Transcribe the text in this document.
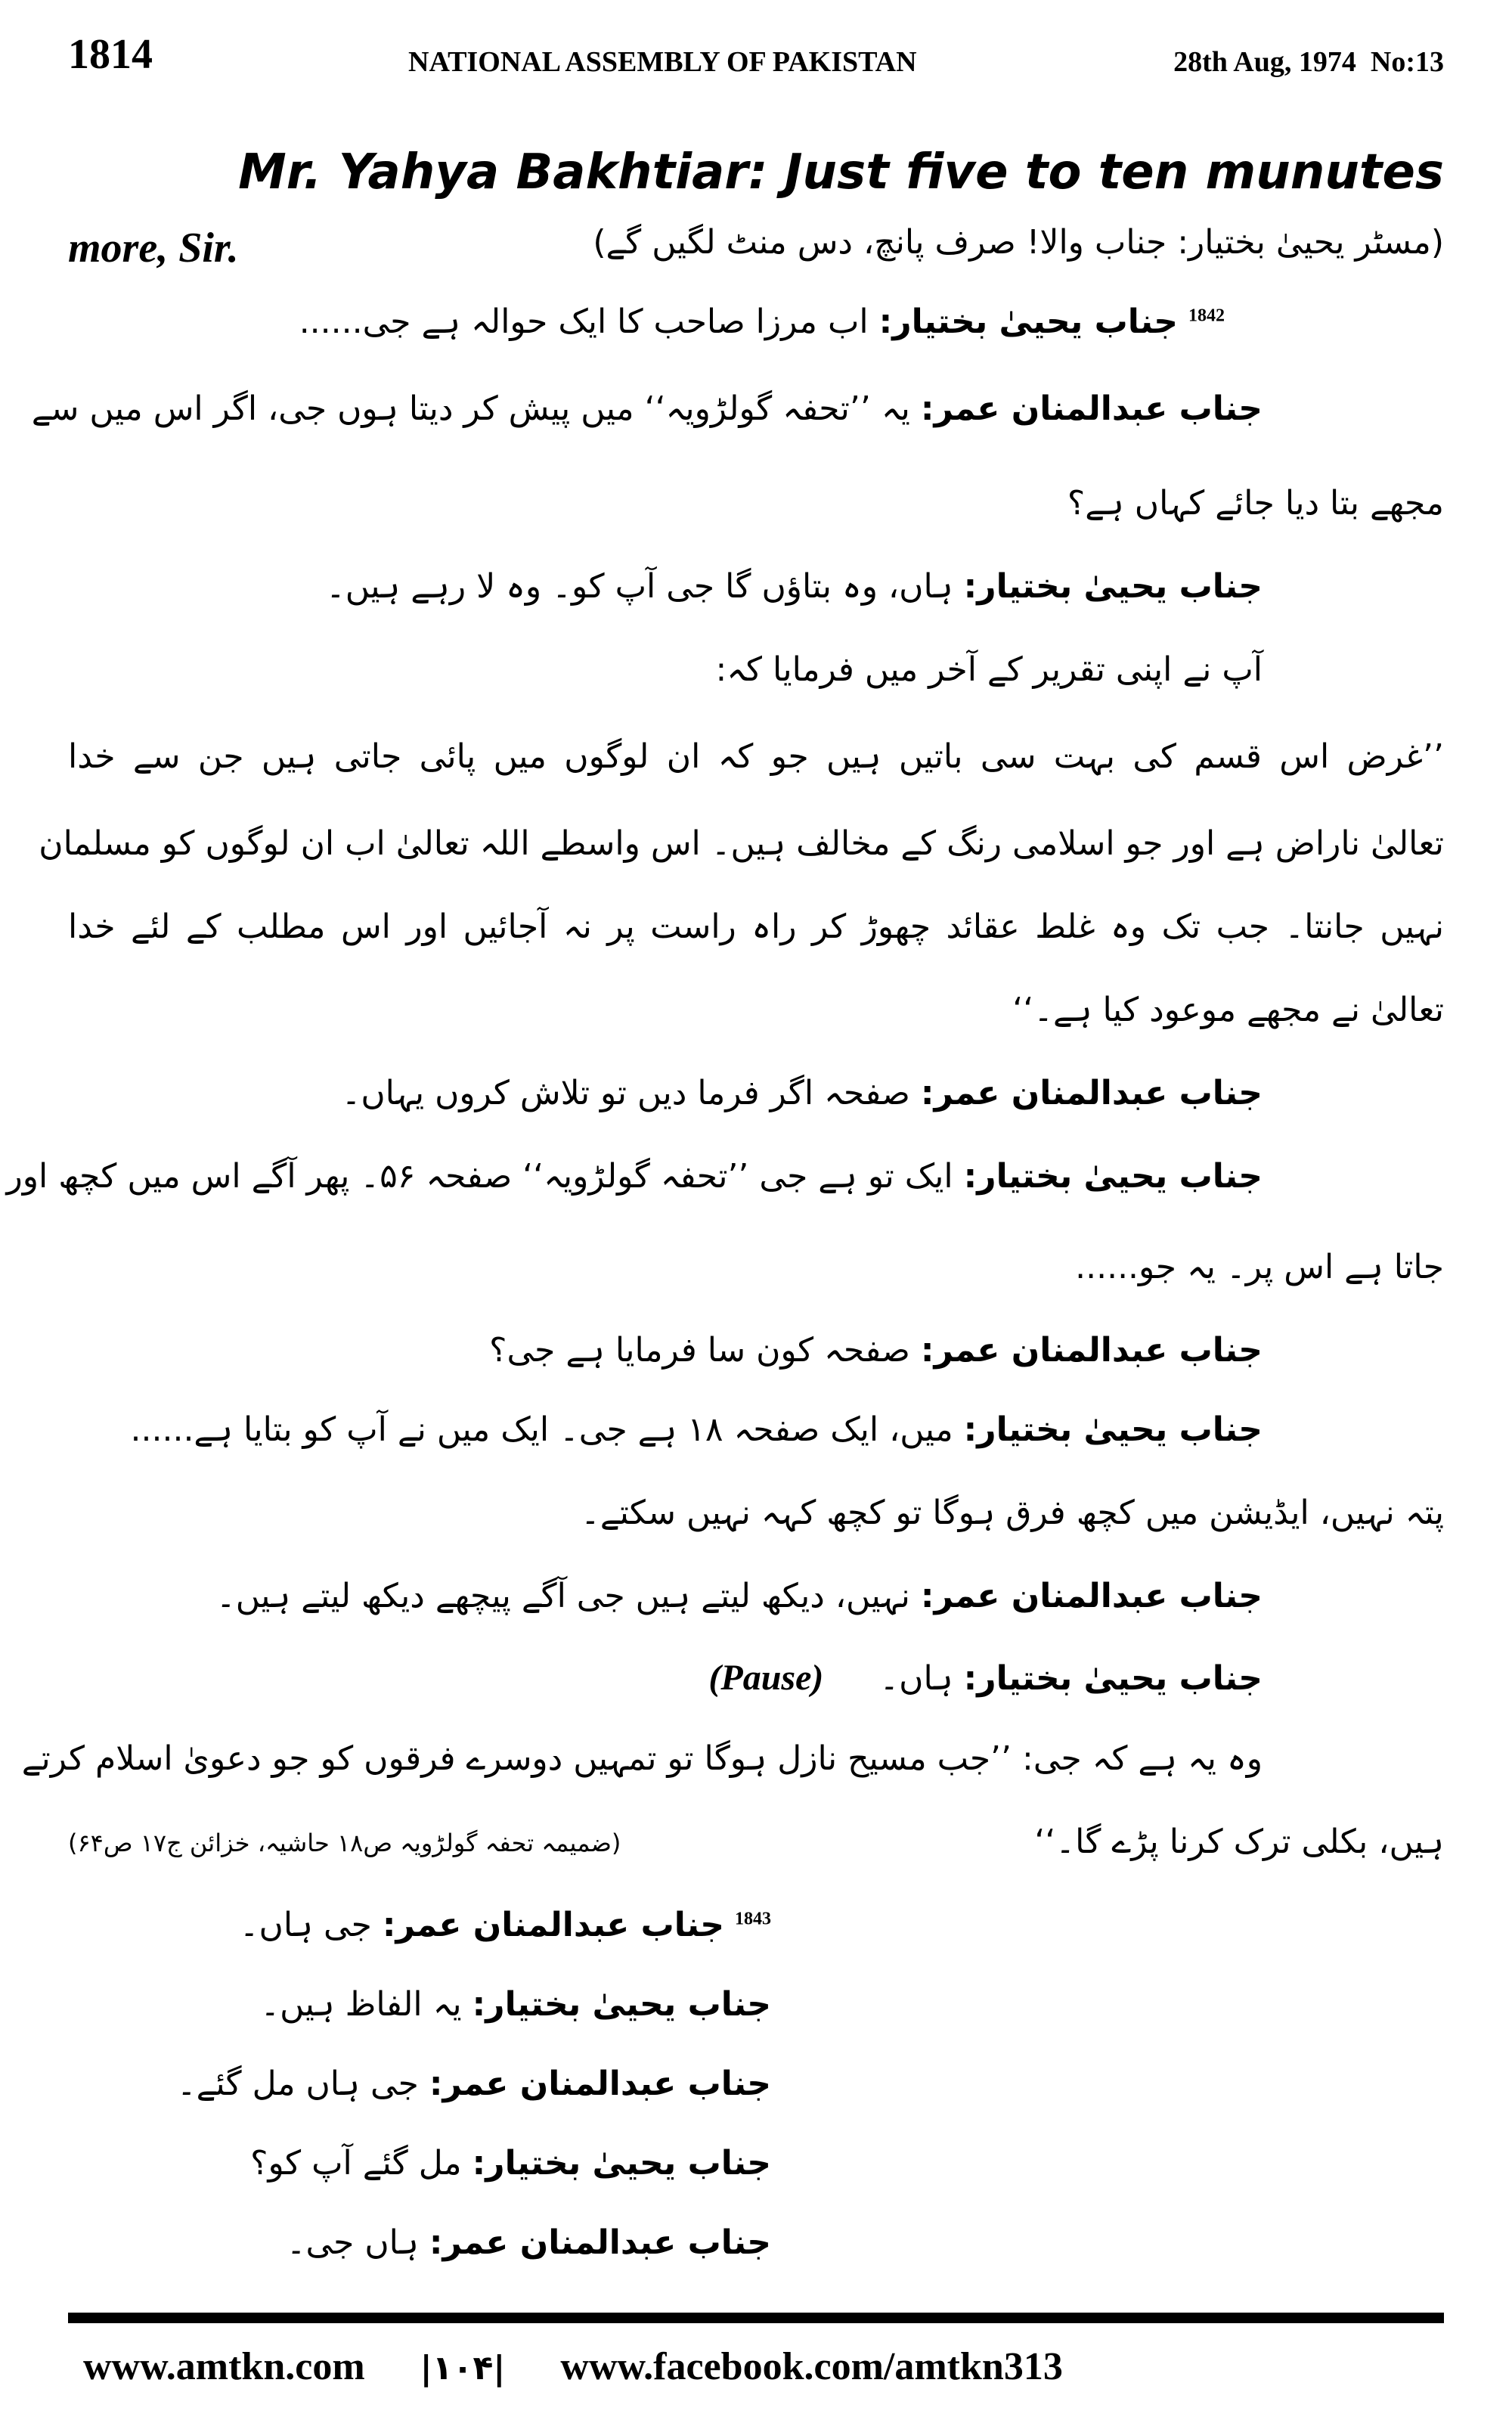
1814	NATIONAL ASSEMBLY OF PAKISTAN	28th Aug, 1974 No:13
Mr. Yahya Bakhtiar: Just five to ten munutes
(مسٹر یحییٰ بختیار: جناب والا! صرف پانچ، دس منٹ لگیں گے)
more, Sir.
$^{1842}$ جناب یحییٰ بختیار: اب مرزا صاحب کا ایک حوالہ ہے جی......
جناب عبدالمنان عمر: یہ ’’تحفہ گولڑویہ‘‘ میں پیش کر دیتا ہوں جی، اگر اس میں سے
مجھے بتا دیا جائے کہاں ہے؟
جناب یحییٰ بختیار: ہاں، وہ بتاؤں گا جی آپ کو۔ وہ لا رہے ہیں۔
آپ نے اپنی تقریر کے آخر میں فرمایا کہ:
’’غرض اس قسم کی بہت سی باتیں ہیں جو کہ ان لوگوں میں پائی جاتی ہیں جن سے خدا
تعالیٰ ناراض ہے اور جو اسلامی رنگ کے مخالف ہیں۔ اس واسطے اللہ تعالیٰ اب ان لوگوں کو مسلمان
نہیں جانتا۔ جب تک وہ غلط عقائد چھوڑ کر راہ راست پر نہ آجائیں اور اس مطلب کے لئے خدا
تعالیٰ نے مجھے موعود کیا ہے۔‘‘
جناب عبدالمنان عمر: صفحہ اگر فرما دیں تو تلاش کروں یہاں۔
جناب یحییٰ بختیار: ایک تو ہے جی ’’تحفہ گولڑویہ‘‘ صفحہ ۵۶۔ پھر آگے اس میں کچھ اور
جاتا ہے اس پر۔ یہ جو......
جناب عبدالمنان عمر: صفحہ کون سا فرمایا ہے جی؟
جناب یحییٰ بختیار: میں، ایک صفحہ ۱۸ ہے جی۔ ایک میں نے آپ کو بتایا ہے......
پتہ نہیں، ایڈیشن میں کچھ فرق ہوگا تو کچھ کہہ نہیں سکتے۔
جناب عبدالمنان عمر: نہیں، دیکھ لیتے ہیں جی آگے پیچھے دیکھ لیتے ہیں۔
جناب یحییٰ بختیار: ہاں۔ (Pause)
وہ یہ ہے کہ جی: ’’جب مسیح نازل ہوگا تو تمہیں دوسرے فرقوں کو جو دعویٰ اسلام کرتے
ہیں، بکلی ترک کرنا پڑے گا۔‘‘
(ضمیمہ تحفہ گولڑویہ ص۱۸ حاشیہ، خزائن ج۱۷ ص۶۴)
$^{1843}$ جناب عبدالمنان عمر: جی ہاں۔
جناب یحییٰ بختیار: یہ الفاظ ہیں۔
جناب عبدالمنان عمر: جی ہاں مل گئے۔
جناب یحییٰ بختیار: مل گئے آپ کو؟
جناب عبدالمنان عمر: ہاں جی۔
www.amtkn.com |۱۰۴| www.facebook.com/amtkn313
